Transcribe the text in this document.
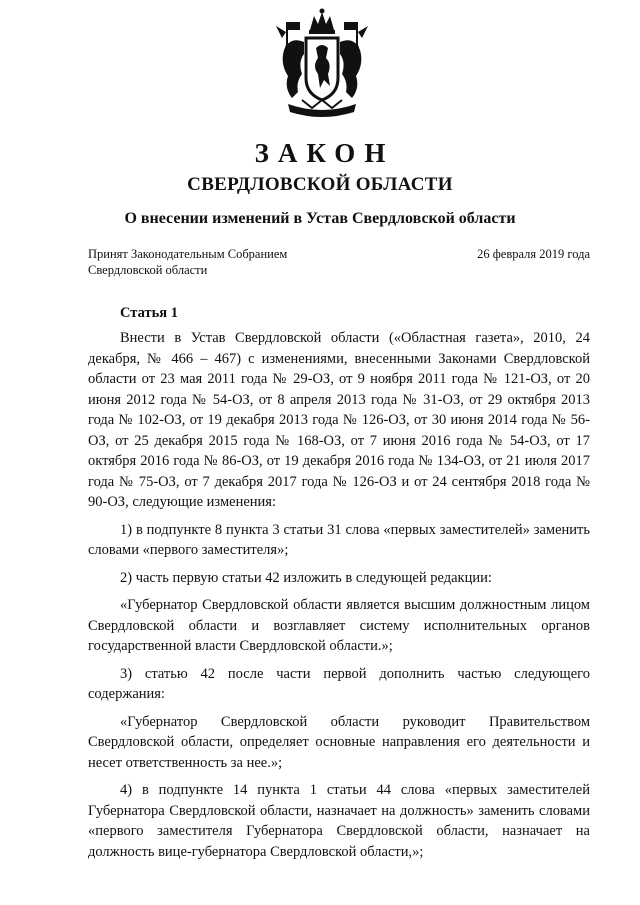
ЗАКОН
СВЕРДЛОВСКОЙ ОБЛАСТИ
О внесении изменений в Устав Свердловской области
Принят Законодательным Собранием
Свердловской области
26 февраля 2019 года
Статья 1

Внести в Устав Свердловской области («Областная газета», 2010, 24 декабря, № 466 – 467) с изменениями, внесенными Законами Свердловской области от 23 мая 2011 года № 29-ОЗ, от 9 ноября 2011 года № 121-ОЗ, от 20 июня 2012 года № 54-ОЗ, от 8 апреля 2013 года № 31-ОЗ, от 29 октября 2013 года № 102-ОЗ, от 19 декабря 2013 года № 126-ОЗ, от 30 июня 2014 года № 56-ОЗ, от 25 декабря 2015 года № 168-ОЗ, от 7 июня 2016 года № 54-ОЗ, от 17 октября 2016 года № 86-ОЗ, от 19 декабря 2016 года № 134-ОЗ, от 21 июля 2017 года № 75-ОЗ, от 7 декабря 2017 года № 126-ОЗ и от 24 сентября 2018 года № 90-ОЗ, следующие изменения:

1) в подпункте 8 пункта 3 статьи 31 слова «первых заместителей» заменить словами «первого заместителя»;

2) часть первую статьи 42 изложить в следующей редакции:

«Губернатор Свердловской области является высшим должностным лицом Свердловской области и возглавляет систему исполнительных органов государственной власти Свердловской области.»;

3) статью 42 после части первой дополнить частью следующего содержания:

«Губернатор Свердловской области руководит Правительством Свердловской области, определяет основные направления его деятельности и несет ответственность за нее.»;

4) в подпункте 14 пункта 1 статьи 44 слова «первых заместителей Губернатора Свердловской области, назначает на должность» заменить словами «первого заместителя Губернатора Свердловской области, назначает на должность вице-губернатора Свердловской области,»;
